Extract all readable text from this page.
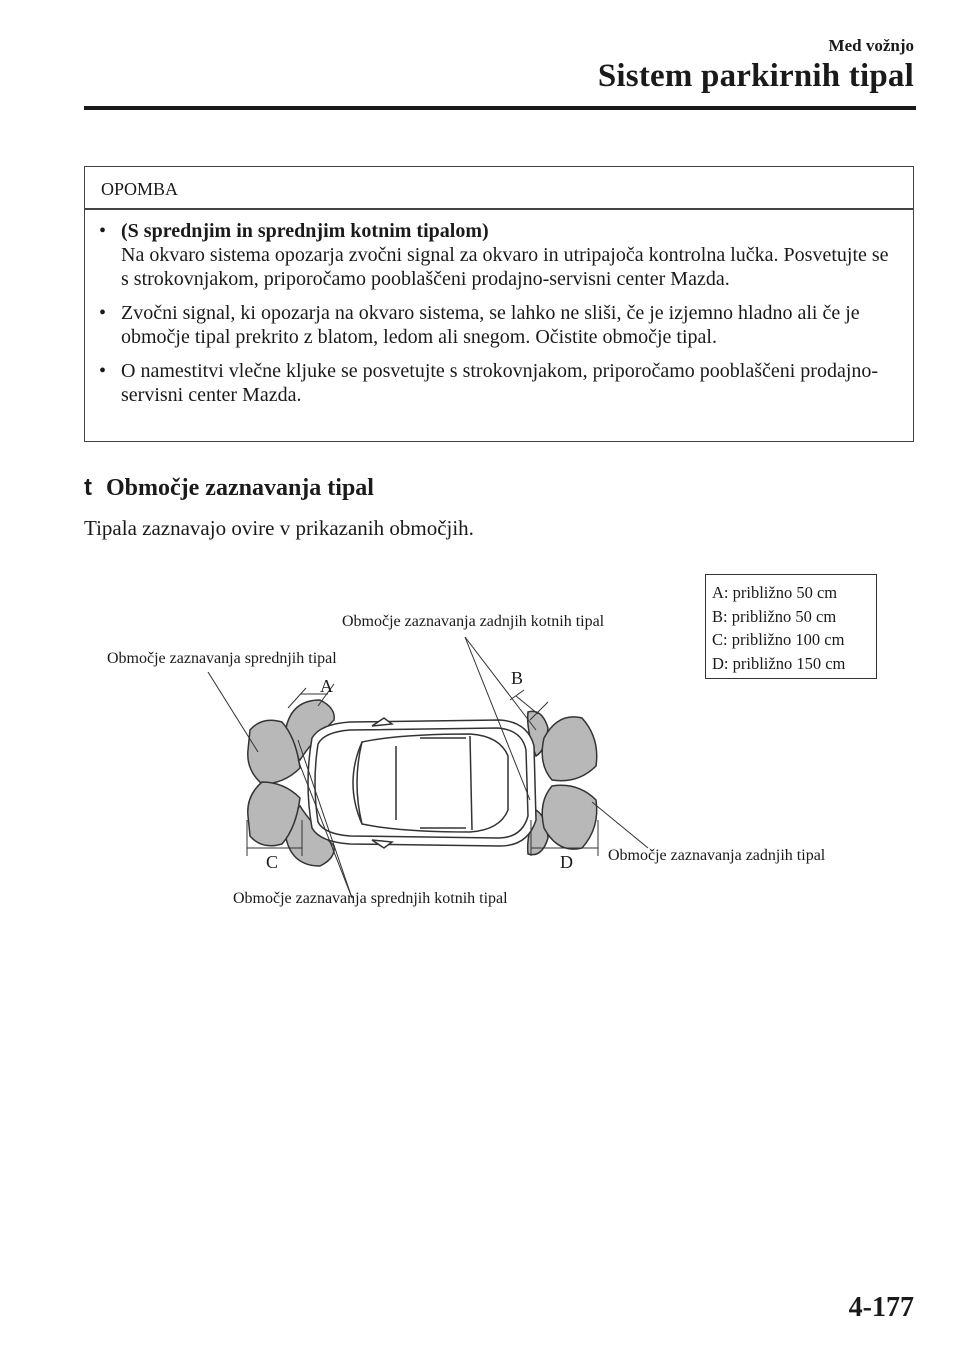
Med vožnjo
Sistem parkirnih tipal
OPOMBA
• (S sprednjim in sprednjim kotnim tipalom)
Na okvaro sistema opozarja zvočni signal za okvaro in utripajoča kontrolna lučka. Posvetujte se s strokovnjakom, priporočamo pooblaščeni prodajno-servisni center Mazda.
• Zvočni signal, ki opozarja na okvaro sistema, se lahko ne sliši, če je izjemno hladno ali če je območje tipal prekrito z blatom, ledom ali snegom. Očistite območje tipal.
• O namestitvi vlečne kljuke se posvetujte s strokovnjakom, priporočamo pooblaščeni prodajno-servisni center Mazda.
t Območje zaznavanja tipal
Tipala zaznavajo ovire v prikazanih območjih.
Območje zaznavanja zadnjih kotnih tipal
Območje zaznavanja sprednjih tipal
Območje zaznavanja zadnjih tipal
Območje zaznavanja sprednjih kotnih tipal
A	B
C	D
A: približno 50 cm
B: približno 50 cm
C: približno 100 cm
D: približno 150 cm
4-177
